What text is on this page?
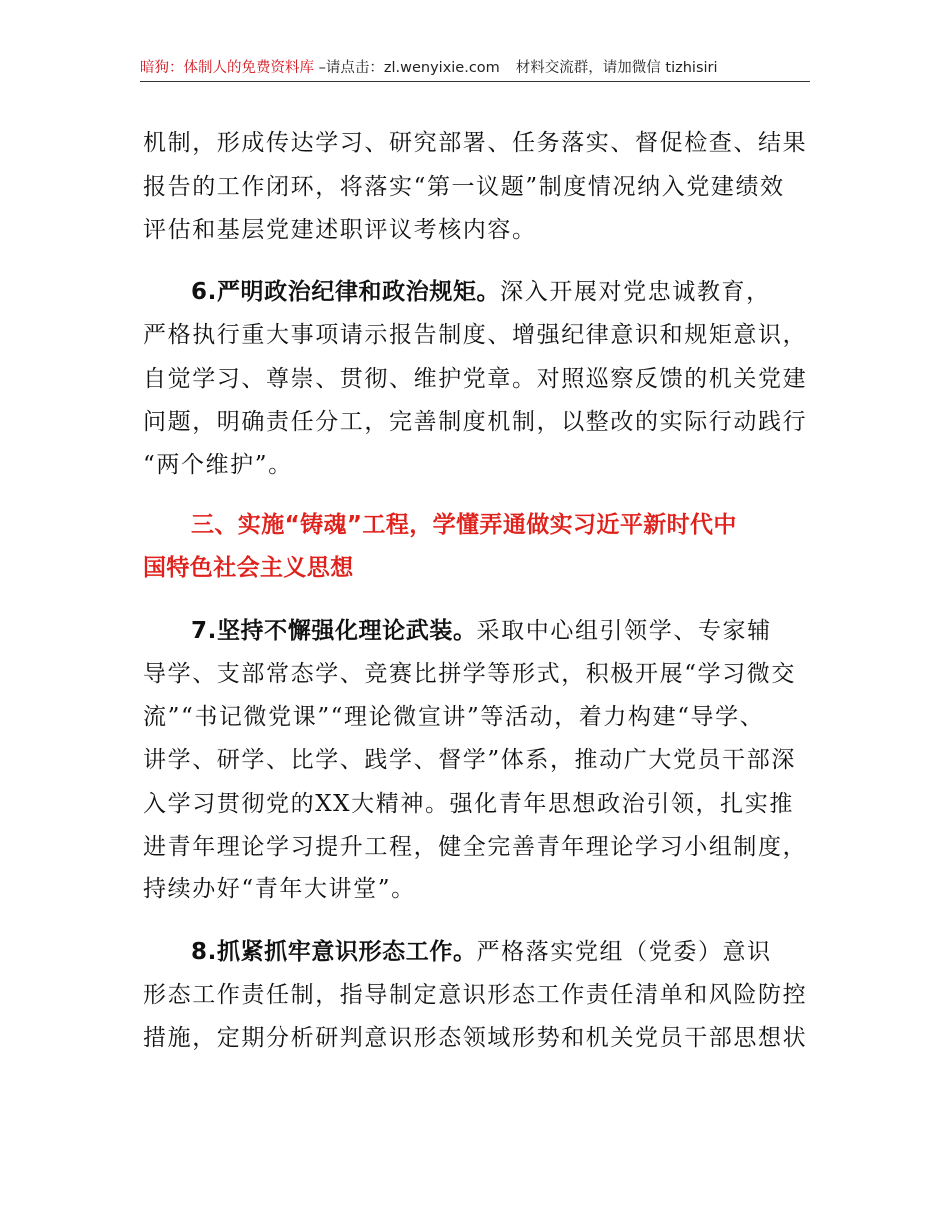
暗狗：体制人的免费资料库 –请点击：zl.wenyixie.com 材料交流群，请加微信 tizhisiri
机制，形成传达学习、研究部署、任务落实、督促检查、结果
报告的工作闭环，将落实“第一议题”制度情况纳入党建绩效
评估和基层党建述职评议考核内容。
6.严明政治纪律和政治规矩。深入开展对党忠诚教育，
严格执行重大事项请示报告制度、增强纪律意识和规矩意识，
自觉学习、尊崇、贯彻、维护党章。对照巡察反馈的机关党建
问题，明确责任分工，完善制度机制，以整改的实际行动践行
“两个维护”。
三、实施“铸魂”工程，学懂弄通做实习近平新时代中
国特色社会主义思想
7.坚持不懈强化理论武装。采取中心组引领学、专家辅
导学、支部常态学、竞赛比拼学等形式，积极开展“学习微交
流”“书记微党课”“理论微宣讲”等活动，着力构建“导学、
讲学、研学、比学、践学、督学”体系，推动广大党员干部深
入学习贯彻党的XX大精神。强化青年思想政治引领，扎实推
进青年理论学习提升工程，健全完善青年理论学习小组制度，
持续办好“青年大讲堂”。
8.抓紧抓牢意识形态工作。严格落实党组（党委）意识
形态工作责任制，指导制定意识形态工作责任清单和风险防控
措施，定期分析研判意识形态领域形势和机关党员干部思想状
